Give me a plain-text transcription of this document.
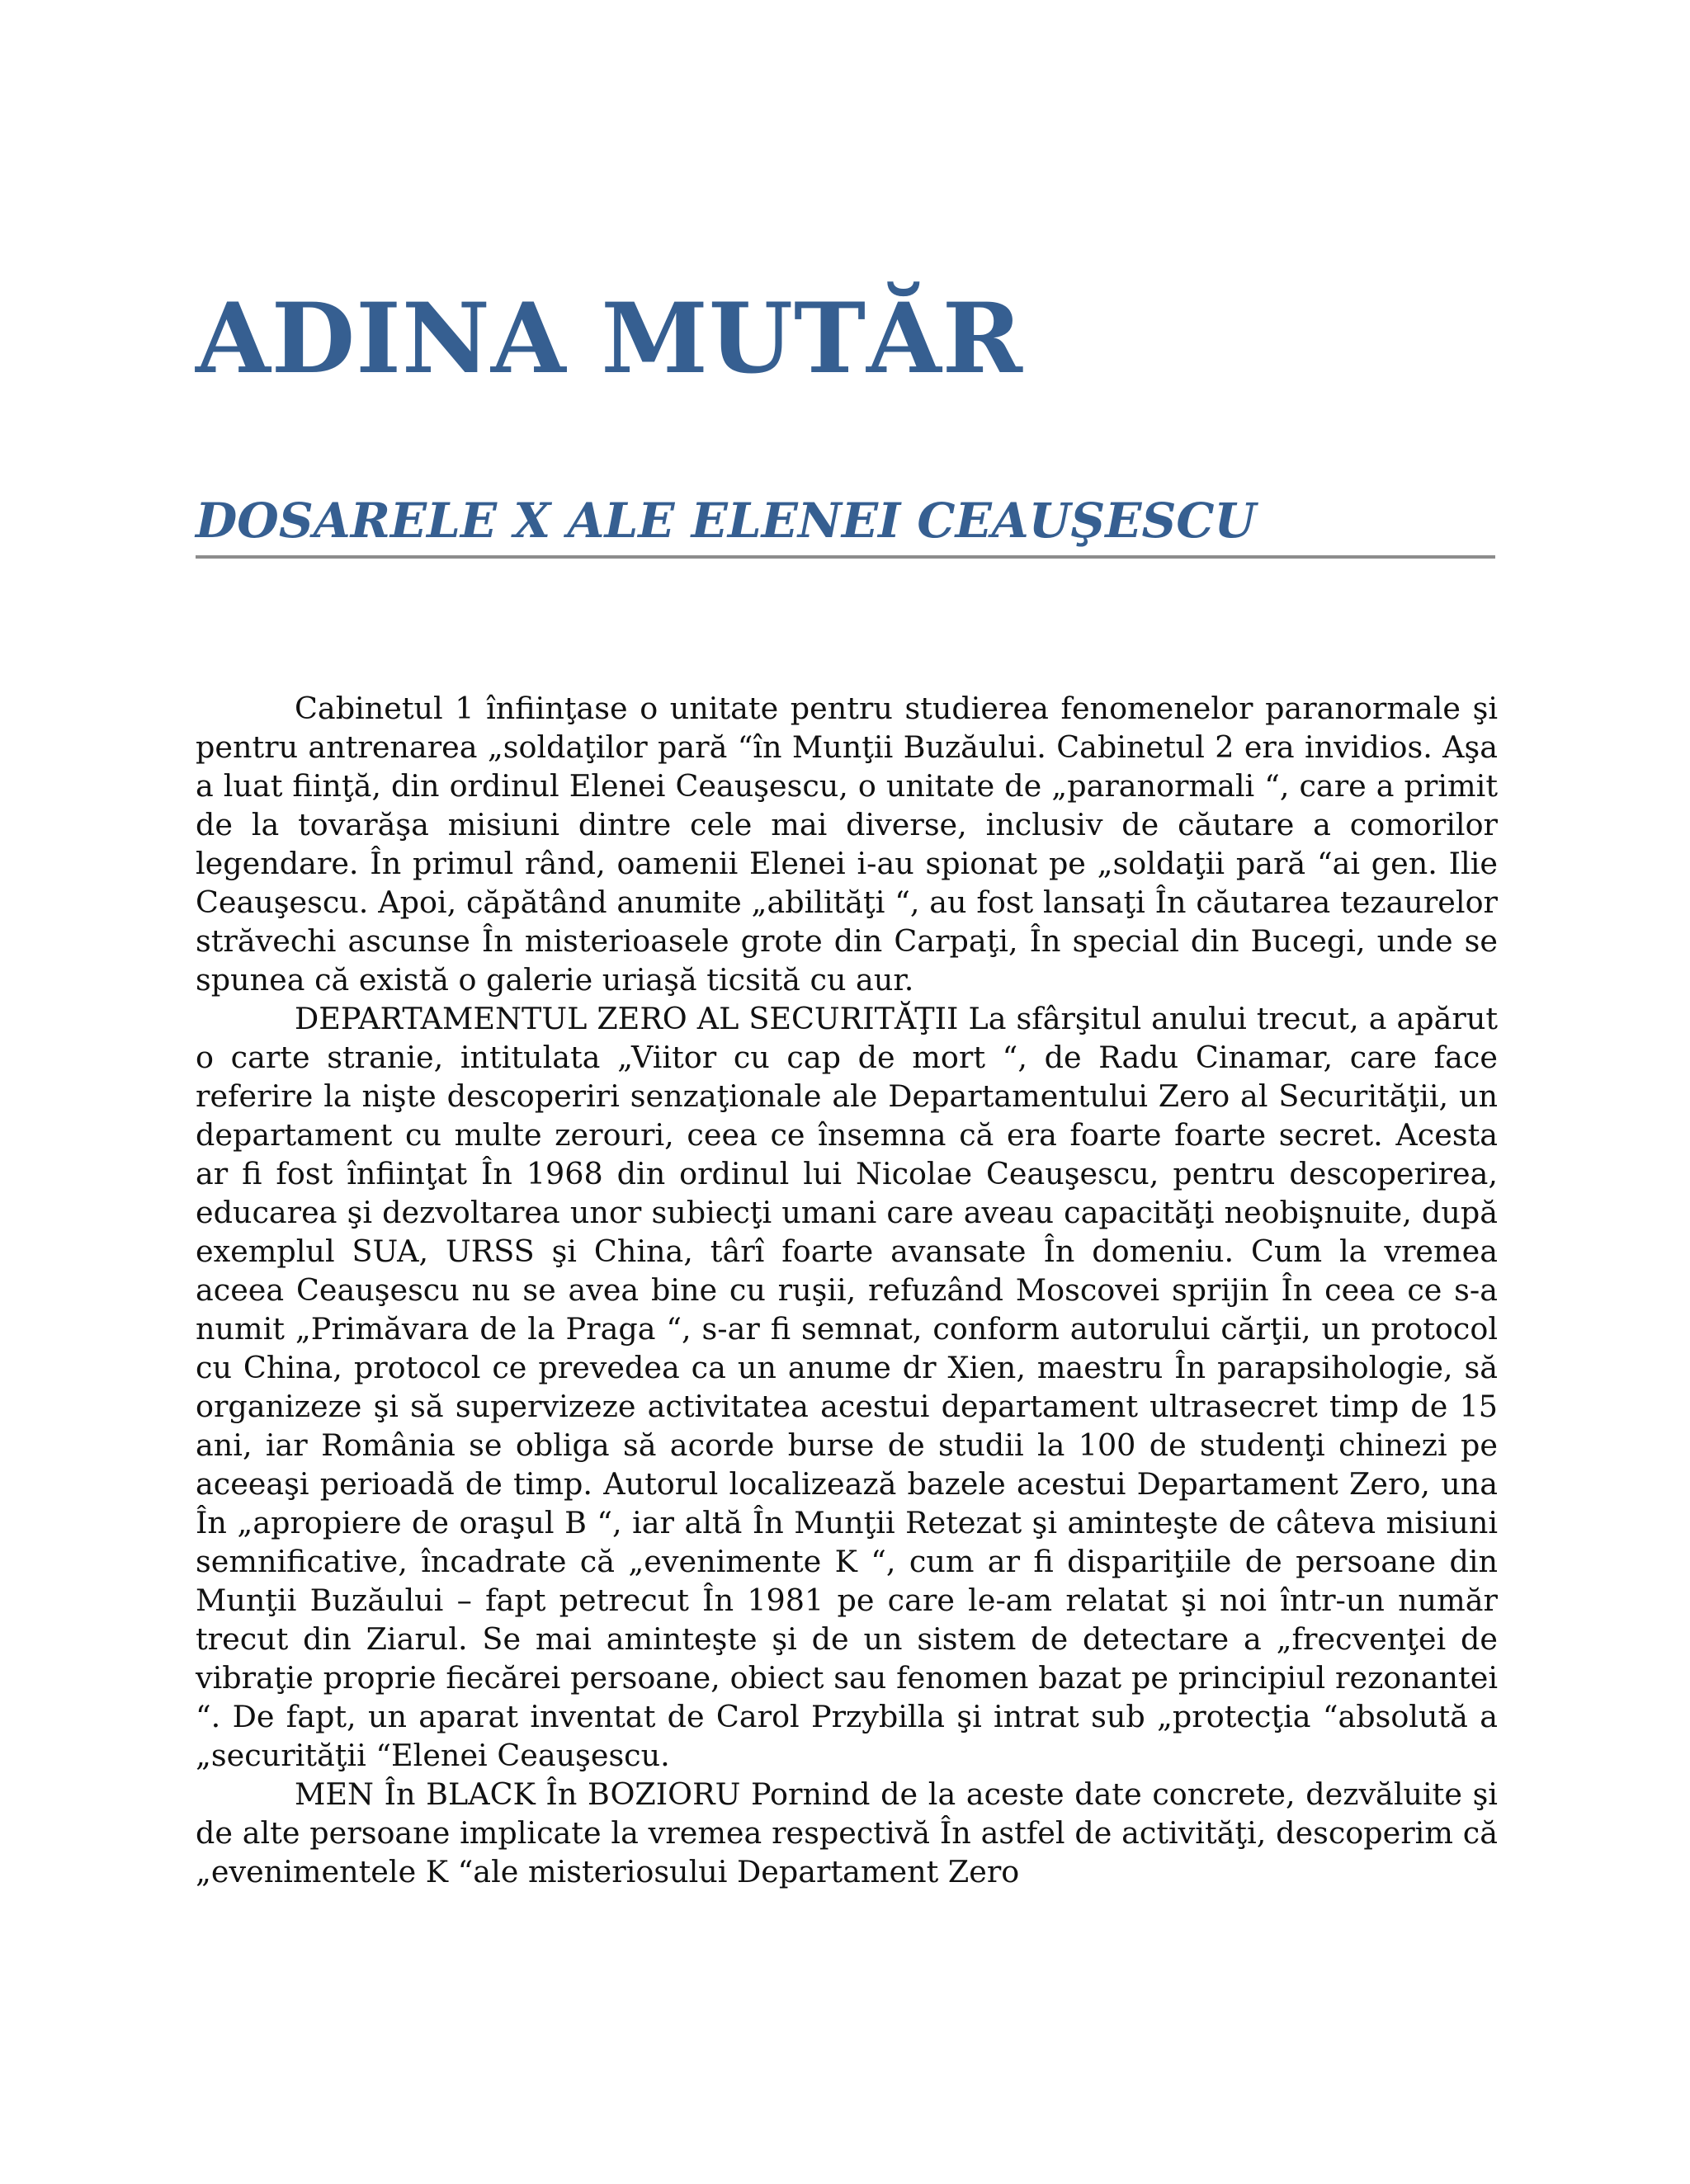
ADINA MUTĂR
DOSARELE X ALE ELENEI CEAUŞESCU

Cabinetul 1 înfiinţase o unitate pentru studierea fenomenelor paranormale şi pentru antrenarea „soldaţilor pară “în Munţii Buzăului. Cabinetul 2 era invidios. Aşa a luat fiinţă, din ordinul Elenei Ceauşescu, o unitate de „paranormali “, care a primit de la tovarăşa misiuni dintre cele mai diverse, inclusiv de căutare a comorilor legendare. În primul rând, oamenii Elenei i-au spionat pe „soldaţii pară “ai gen. Ilie Ceauşescu. Apoi, căpătând anumite „abilităţi “, au fost lansaţi În căutarea tezaurelor străvechi ascunse În misterioasele grote din Carpaţi, În special din Bucegi, unde se spunea că există o galerie uriaşă ticsită cu aur.

DEPARTAMENTUL ZERO AL SECURITĂŢII La sfârşitul anului trecut, a apărut o carte stranie, intitulata „Viitor cu cap de mort “, de Radu Cinamar, care face referire la nişte descoperiri senzaţionale ale Departamentului Zero al Securităţii, un departament cu multe zerouri, ceea ce însemna că era foarte foarte secret. Acesta ar fi fost înfiinţat În 1968 din ordinul lui Nicolae Ceauşescu, pentru descoperirea, educarea şi dezvoltarea unor subiecţi umani care aveau capacităţi neobişnuite, după exemplul SUA, URSS şi China, târî foarte avansate În domeniu. Cum la vremea aceea Ceauşescu nu se avea bine cu ruşii, refuzând Moscovei sprijin În ceea ce s-a numit „Primăvara de la Praga “, s-ar fi semnat, conform autorului cărţii, un protocol cu China, protocol ce prevedea ca un anume dr Xien, maestru În parapsihologie, să organizeze şi să supervizeze activitatea acestui departament ultrasecret timp de 15 ani, iar România se obliga să acorde burse de studii la 100 de studenţi chinezi pe aceeaşi perioadă de timp. Autorul localizează bazele acestui Departament Zero, una În „apropiere de oraşul B “, iar altă În Munţii Retezat şi aminteşte de câteva misiuni semnificative, încadrate că „evenimente K “, cum ar fi dispariţiile de persoane din Munţii Buzăului – fapt petrecut În 1981 pe care le-am relatat şi noi într-un număr trecut din Ziarul. Se mai aminteşte şi de un sistem de detectare a „frecvenţei de vibraţie proprie fiecărei persoane, obiect sau fenomen bazat pe principiul rezonantei “. De fapt, un aparat inventat de Carol Przybilla şi intrat sub „protecţia “absolută a „securităţii “Elenei Ceauşescu.

MEN În BLACK În BOZIORU Pornind de la aceste date concrete, dezvăluite şi de alte persoane implicate la vremea respectivă În astfel de activităţi, descoperim că „evenimentele K “ale misteriosului Departament Zero
